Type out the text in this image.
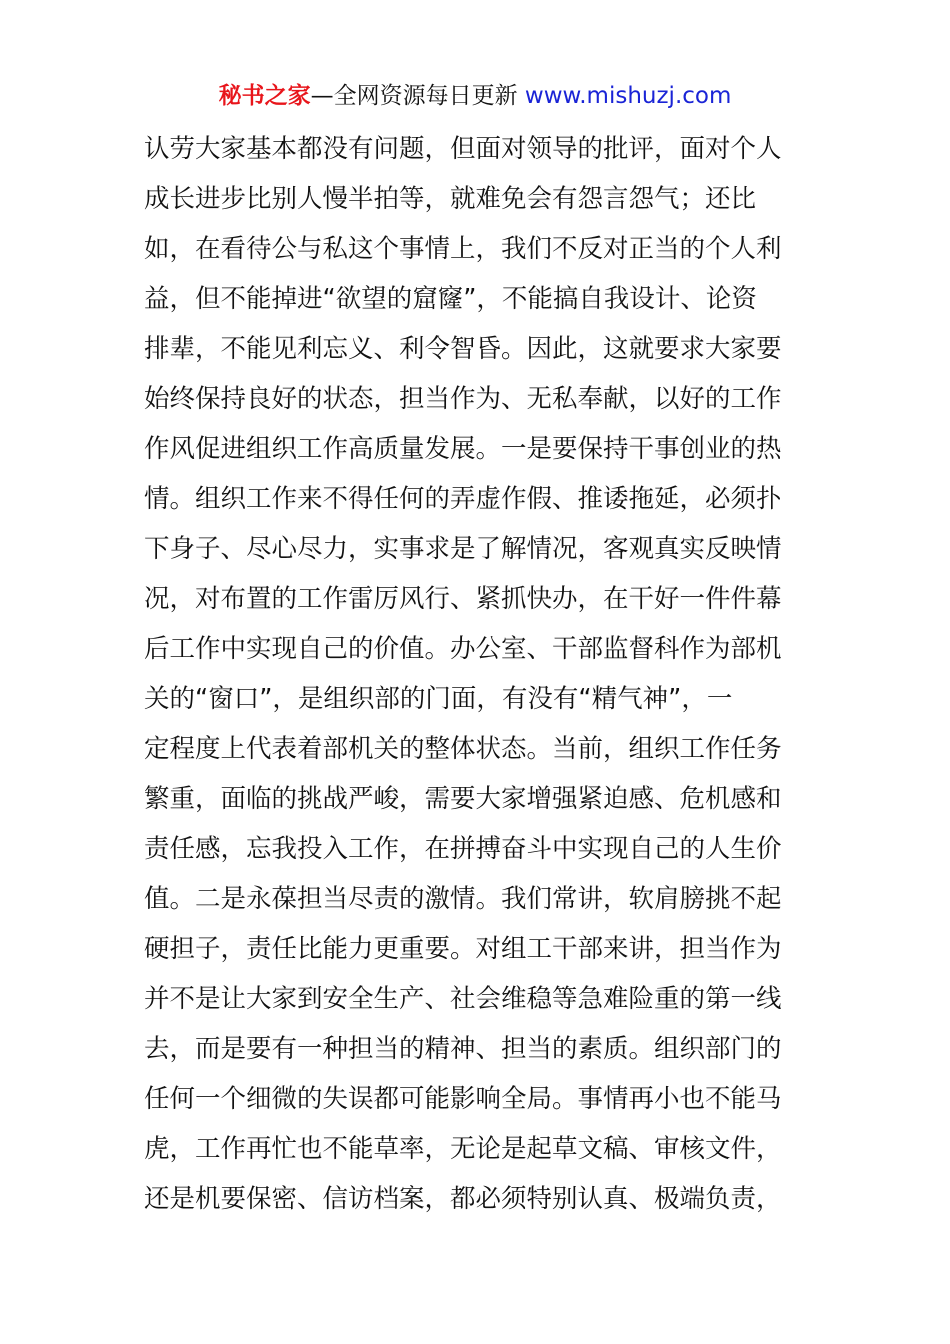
秘书之家—全网资源每日更新 www.mishuzj.com
认劳大家基本都没有问题，但面对领导的批评，面对个人
成长进步比别人慢半拍等，就难免会有怨言怨气；还比
如，在看待公与私这个事情上，我们不反对正当的个人利
益，但不能掉进“欲望的窟窿”，不能搞自我设计、论资
排辈，不能见利忘义、利令智昏。因此，这就要求大家要
始终保持良好的状态，担当作为、无私奉献，以好的工作
作风促进组织工作高质量发展。一是要保持干事创业的热
情。组织工作来不得任何的弄虚作假、推诿拖延，必须扑
下身子、尽心尽力，实事求是了解情况，客观真实反映情
况，对布置的工作雷厉风行、紧抓快办，在干好一件件幕
后工作中实现自己的价值。办公室、干部监督科作为部机
关的“窗口”，是组织部的门面，有没有“精气神”，一
定程度上代表着部机关的整体状态。当前，组织工作任务
繁重，面临的挑战严峻，需要大家增强紧迫感、危机感和
责任感，忘我投入工作，在拼搏奋斗中实现自己的人生价
值。二是永葆担当尽责的激情。我们常讲，软肩膀挑不起
硬担子，责任比能力更重要。对组工干部来讲，担当作为
并不是让大家到安全生产、社会维稳等急难险重的第一线
去，而是要有一种担当的精神、担当的素质。组织部门的
任何一个细微的失误都可能影响全局。事情再小也不能马
虎，工作再忙也不能草率，无论是起草文稿、审核文件，
还是机要保密、信访档案，都必须特别认真、极端负责，
